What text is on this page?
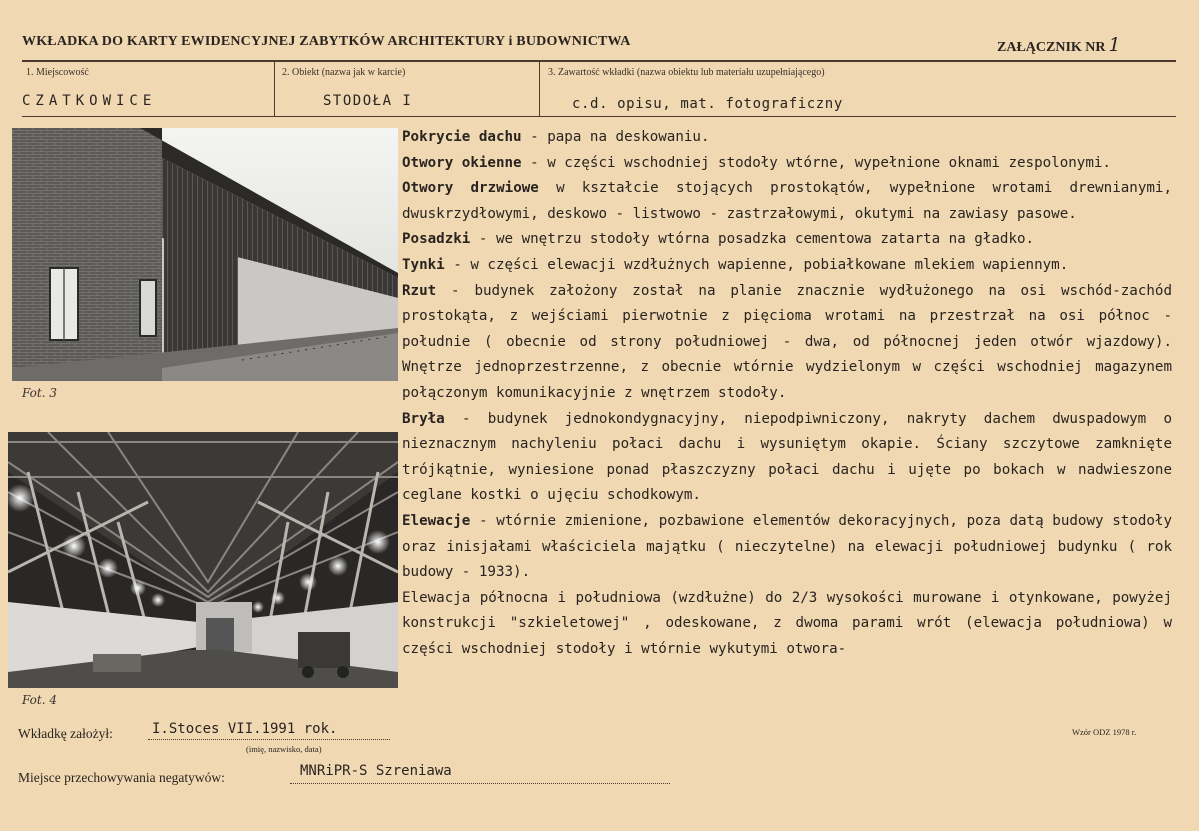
WKŁADKA DO KARTY EWIDENCYJNEJ ZABYTKÓW ARCHITEKTURY i BUDOWNICTWA	ZAŁĄCZNIK NR 1
1. Miejscowość	2. Obiekt (nazwa jak w karcie)	3. Zawartość wkładki (nazwa obiektu lub materiału uzupełniającego)
CZATKOWICE	STODOŁA I	c.d. opisu, mat. fotograficzny
Fot. 3
Fot. 4

Pokrycie dachu - papa na deskowaniu.

Otwory okienne - w części wschodniej stodoły wtórne, wypełnione oknami zespolonymi.

Otwory drzwiowe w kształcie stojących prostokątów, wypełnione wrotami drewnianymi, dwuskrzydłowymi, deskowo - listwowo - zastrzałowymi, okutymi na zawiasy pasowe.

Posadzki - we wnętrzu stodoły wtórna posadzka cementowa zatarta na gładko.

Tynki - w części elewacji wzdłużnych wapienne, pobiałkowane mlekiem wapiennym.

Rzut - budynek założony został na planie znacznie wydłużonego na osi wschód-zachód prostokąta, z wejściami pierwotnie z pięcioma wrotami na przestrzał na osi północ - południe ( obecnie od strony południowej - dwa, od północnej jeden otwór wjazdowy). Wnętrze jednoprzestrzenne, z obecnie wtórnie wydzielonym w części wschodniej magazynem połączonym komunikacyjnie z wnętrzem stodoły.

Bryła - budynek jednokondygnacyjny, niepodpiwniczony, nakryty dachem dwuspadowym o nieznacznym nachyleniu połaci dachu i wysuniętym okapie. Ściany szczytowe zamknięte trójkątnie, wyniesione ponad płaszczyzny połaci dachu i ujęte po bokach w nadwieszone ceglane kostki o ujęciu schodkowym.

Elewacje - wtórnie zmienione, pozbawione elementów dekoracyjnych, poza datą budowy stodoły oraz inisjałami właściciela majątku ( nieczytelne) na elewacji południowej budynku ( rok budowy - 1933).

Elewacja północna i południowa (wzdłużne) do 2/3 wysokości murowane i otynkowane, powyżej konstrukcji "szkieletowej" , odeskowane, z dwoma parami wrót (elewacja południowa) w części wschodniej stodoły i wtórnie wykutymi otwora-

Wkładkę założył:	I.Stoces VII.1991 rok.
(imię, nazwisko, data)
Wzór ODZ 1978 r.
Miejsce przechowywania negatywów:	MNRiPR-S Szreniawa
